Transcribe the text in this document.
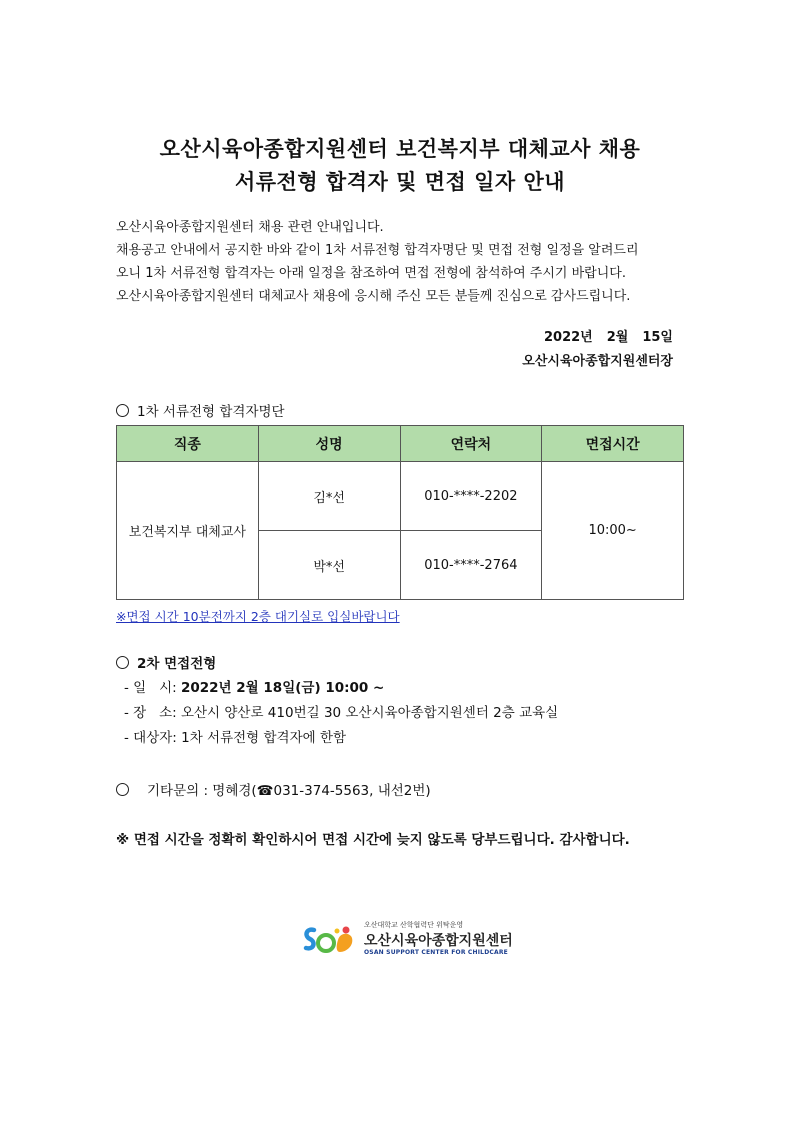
오산시육아종합지원센터 보건복지부 대체교사 채용
서류전형 합격자 및 면접 일자 안내
오산시육아종합지원센터 채용 관련 안내입니다.
채용공고 안내에서 공지한 바와 같이 1차 서류전형 합격자명단 및 면접 전형 일정을 알려드리
오니 1차 서류전형 합격자는 아래 일정을 참조하여 면접 전형에 참석하여 주시기 바랍니다.
오산시육아종합지원센터 대체교사 채용에 응시해 주신 모든 분들께 진심으로 감사드립니다.
2022년 2월 15일
오산시육아종합지원센터장
1차 서류전형 합격자명단
직종	성명	연락처	면접시간
보건복지부 대체교사	김*선	010-****-2202	10:00~
	박*선	010-****-2764	
※면접 시간 10분전까지 2층 대기실로 입실바랍니다
2차 면접전형
- 일   시: 2022년 2월 18일(금) 10:00 ~
- 장   소: 오산시 양산로 410번길 30 오산시육아종합지원센터 2층 교육실
- 대상자: 1차 서류전형 합격자에 한함
기타문의 : 명혜경(☎031-374-5563, 내선2번)
※ 면접 시간을 정확히 확인하시어 면접 시간에 늦지 않도록 당부드립니다. 감사합니다.
오산대학교 산학협력단 위탁운영
오산시육아종합지원센터
OSAN SUPPORT CENTER FOR CHILDCARE
